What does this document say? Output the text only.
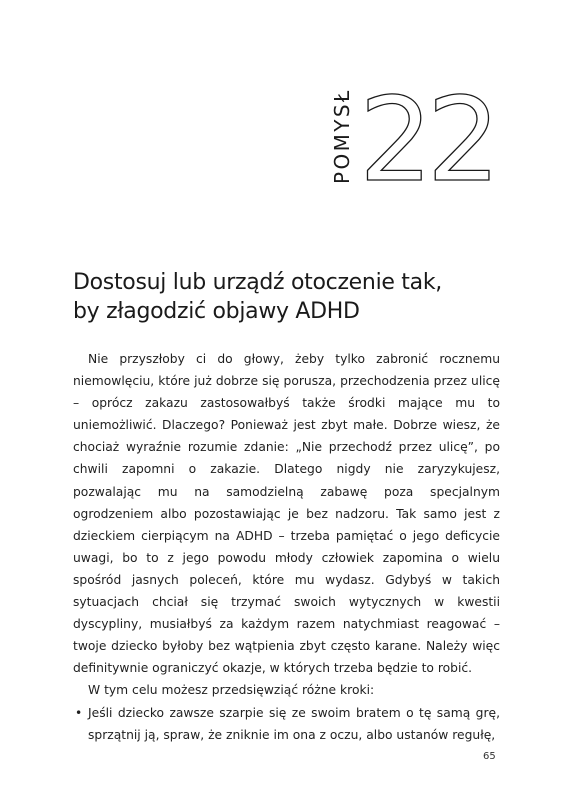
POMYSŁ 22
Dostosuj lub urządź otoczenie tak,
by złagodzić objawy ADHD

Nie przyszłoby ci do głowy, żeby tylko zabronić rocznemu niemowlęciu, które już dobrze się porusza, przechodzenia przez ulicę – oprócz zakazu zastosowałbyś także środki mające mu to uniemożliwić. Dlaczego? Ponieważ jest zbyt małe. Dobrze wiesz, że chociaż wyraźnie rozumie zdanie: „Nie przechodź przez ulicę”, po chwili zapomni o zakazie. Dlatego nigdy nie zaryzykujesz, pozwalając mu na samodzielną zabawę poza specjalnym ogrodzeniem albo pozostawiając je bez nadzoru. Tak samo jest z dzieckiem cierpiącym na ADHD – trzeba pamiętać o jego deficycie uwagi, bo to z jego powodu młody człowiek zapomina o wielu spośród jasnych poleceń, które mu wydasz. Gdybyś w takich sytuacjach chciał się trzymać swoich wytycznych w kwestii dyscypliny, musiałbyś za każdym razem natychmiast reagować – twoje dziecko byłoby bez wątpienia zbyt często karane. Należy więc definitywnie ograniczyć okazje, w których trzeba będzie to robić.

W tym celu możesz przedsięwziąć różne kroki:

• Jeśli dziecko zawsze szarpie się ze swoim bratem o tę samą grę, sprzątnij ją, spraw, że zniknie im ona z oczu, albo ustanów regułę,
65
